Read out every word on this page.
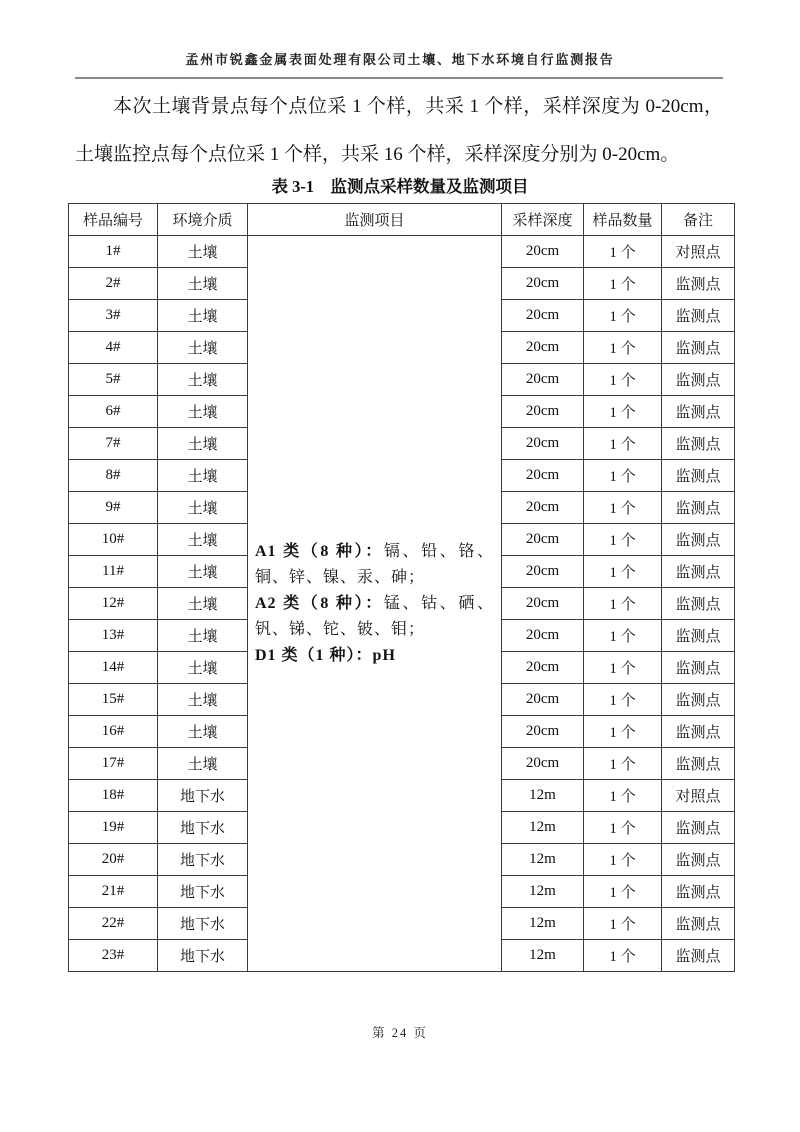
孟州市锐鑫金属表面处理有限公司土壤、地下水环境自行监测报告

本次土壤背景点每个点位采 1 个样，共采 1 个样，采样深度为 0-20cm，土壤监控点每个点位采 1 个样，共采 16 个样，采样深度分别为 0-20cm。

表 3-1　监测点采样数量及监测项目
样品编号	环境介质	监测项目	采样深度	样品数量	备注
1#	土壤	A1 类（8 种）：镉、铅、铬、铜、锌、镍、汞、砷；
A2 类（8 种）：锰、钴、硒、钒、锑、铊、铍、钼；
D1 类（1 种）：pH	20cm	1 个	对照点
2#	土壤		20cm	1 个	监测点
3#	土壤		20cm	1 个	监测点
4#	土壤		20cm	1 个	监测点
5#	土壤		20cm	1 个	监测点
6#	土壤		20cm	1 个	监测点
7#	土壤		20cm	1 个	监测点
8#	土壤		20cm	1 个	监测点
9#	土壤		20cm	1 个	监测点
10#	土壤		20cm	1 个	监测点
11#	土壤		20cm	1 个	监测点
12#	土壤		20cm	1 个	监测点
13#	土壤		20cm	1 个	监测点
14#	土壤		20cm	1 个	监测点
15#	土壤		20cm	1 个	监测点
16#	土壤		20cm	1 个	监测点
17#	土壤		20cm	1 个	监测点
18#	地下水		12m	1 个	对照点
19#	地下水		12m	1 个	监测点
20#	地下水		12m	1 个	监测点
21#	地下水		12m	1 个	监测点
22#	地下水		12m	1 个	监测点
23#	地下水		12m	1 个	监测点
第 24 页
